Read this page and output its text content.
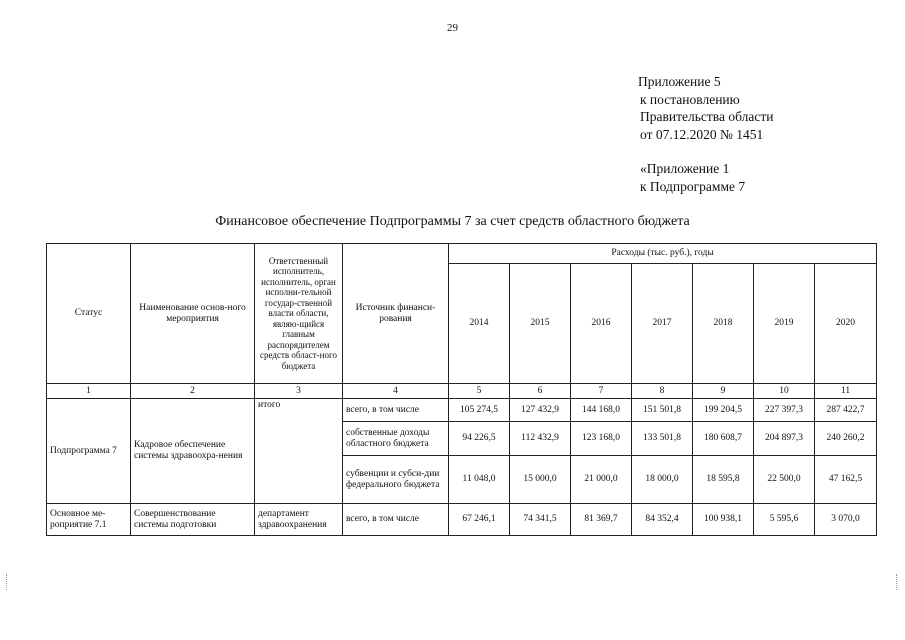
29
Приложение 5
к постановлению
Правительства области
от 07.12.2020 № 1451
«Приложение 1
к Подпрограмме 7
Финансовое обеспечение Подпрограммы 7 за счет средств областного бюджета
Статус	Наименование основ-ного мероприятия	Ответственный исполнитель, исполнитель, орган исполни-тельной государ-ственной власти области, являю-щийся главным распорядителем средств област-ного бюджета	Источник финанси-рования	Расходы (тыс. руб.), годы						
				2014	2015	2016	2017	2018	2019	2020
1	2	3	4	5	6	7	8	9	10	11
Подпрограмма 7	Кадровое обеспечение системы здравоохра-нения	итого	всего, в том числе	105 274,5	127 432,9	144 168,0	151 501,8	199 204,5	227 397,3	287 422,7
			собственные доходы областного бюджета	94 226,5	112 432,9	123 168,0	133 501,8	180 608,7	204 897,3	240 260,2
			субвенции и субси-дии федерального бюджета	11 048,0	15 000,0	21 000,0	18 000,0	18 595,8	22 500,0	47 162,5
Основное ме-роприятие 7.1	Совершенствование системы подготовки	департамент здравоохранения	всего, в том числе	67 246,1	74 341,5	81 369,7	84 352,4	100 938,1	5 595,6	3 070,0
